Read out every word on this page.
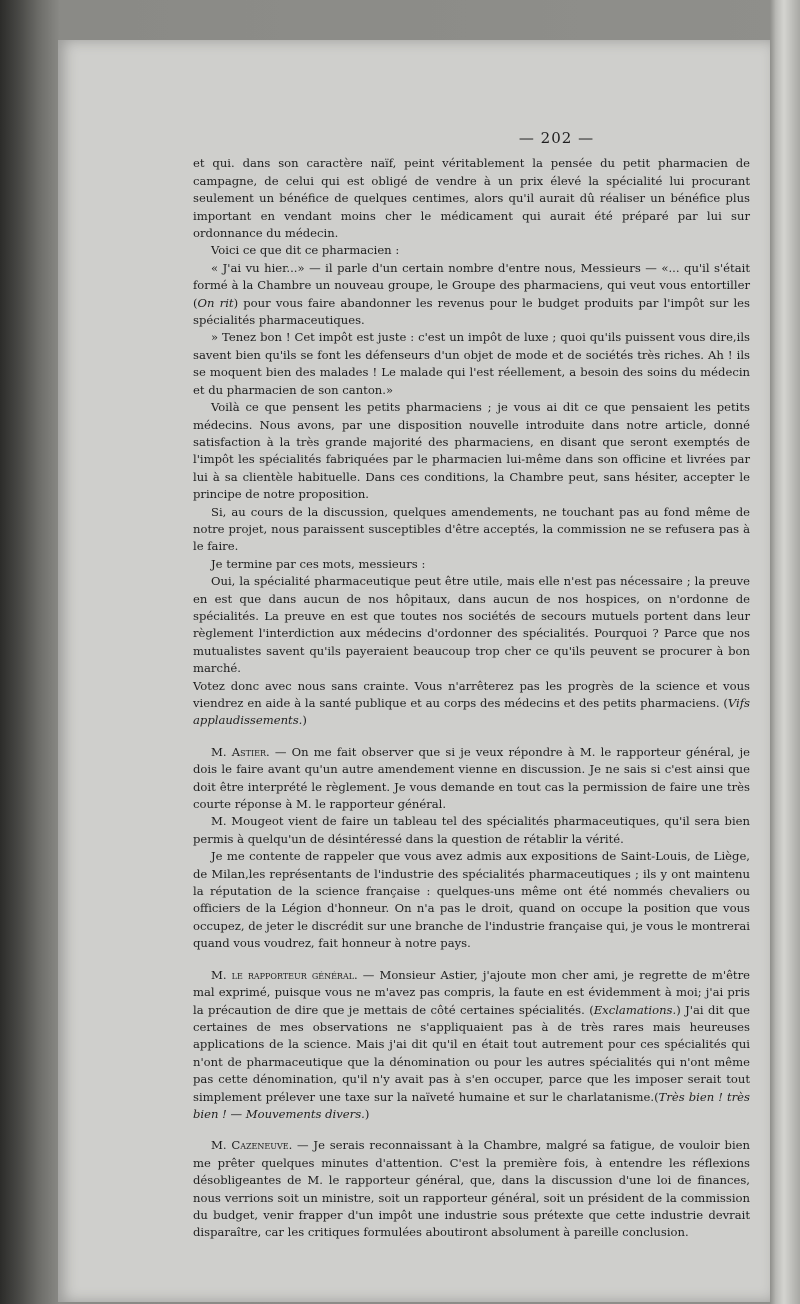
— 202 —

et qui. dans son caractère naïf, peint véritablement la pensée du petit pharmacien de campagne, de celui qui est obligé de vendre à un prix élevé la spécialité lui procurant seulement un bénéfice de quelques centimes, alors qu'il aurait dû réaliser un bénéfice plus important en vendant moins cher le médicament qui aurait été préparé par lui sur ordonnance du médecin.

Voici ce que dit ce pharmacien :

« J'ai vu hier...» — il parle d'un certain nombre d'entre nous, Messieurs — «... qu'il s'était formé à la Chambre un nouveau groupe, le Groupe des pharmaciens, qui veut vous entortiller (On rit) pour vous faire abandonner les revenus pour le budget produits par l'impôt sur les spécialités pharmaceutiques.

» Tenez bon ! Cet impôt est juste : c'est un impôt de luxe ; quoi qu'ils puissent vous dire,ils savent bien qu'ils se font les défenseurs d'un objet de mode et de sociétés très riches. Ah ! ils se moquent bien des malades ! Le malade qui l'est réellement, a besoin des soins du médecin et du pharmacien de son canton.»

Voilà ce que pensent les petits pharmaciens ; je vous ai dit ce que pensaient les petits médecins. Nous avons, par une disposition nouvelle introduite dans notre article, donné satisfaction à la très grande majorité des pharmaciens, en disant que seront exemptés de l'impôt les spécialités fabriquées par le pharmacien lui-même dans son officine et livrées par lui à sa clientèle habituelle. Dans ces conditions, la Chambre peut, sans hésiter, accepter le principe de notre proposition.

Si, au cours de la discussion, quelques amendements, ne touchant pas au fond même de notre projet, nous paraissent susceptibles d'être acceptés, la commission ne se refusera pas à le faire.

Je termine par ces mots, messieurs :

Oui, la spécialité pharmaceutique peut être utile, mais elle n'est pas nécessaire ; la preuve en est que dans aucun de nos hôpitaux, dans aucun de nos hospices, on n'ordonne de spécialités. La preuve en est que toutes nos sociétés de secours mutuels portent dans leur règlement l'interdiction aux médecins d'ordonner des spécialités. Pourquoi ? Parce que nos mutualistes savent qu'ils payeraient beaucoup trop cher ce qu'ils peuvent se procurer à bon marché.

Votez donc avec nous sans crainte. Vous n'arrêterez pas les progrès de la science et vous viendrez en aide à la santé publique et au corps des médecins et des petits pharmaciens. (Vifs applaudissements.)

M. Astier. — On me fait observer que si je veux répondre à M. le rapporteur général, je dois le faire avant qu'un autre amendement vienne en discussion. Je ne sais si c'est ainsi que doit être interprété le règlement. Je vous demande en tout cas la permission de faire une très courte réponse à M. le rapporteur général.

M. Mougeot vient de faire un tableau tel des spécialités pharmaceutiques, qu'il sera bien permis à quelqu'un de désintéressé dans la question de rétablir la vérité.

Je me contente de rappeler que vous avez admis aux expositions de Saint-Louis, de Liège, de Milan,les représentants de l'industrie des spécialités pharmaceutiques ; ils y ont maintenu la réputation de la science française : quelques-uns même ont été nommés chevaliers ou officiers de la Légion d'honneur. On n'a pas le droit, quand on occupe la position que vous occupez, de jeter le discrédit sur une branche de l'industrie française qui, je vous le montrerai quand vous voudrez, fait honneur à notre pays.

M. le rapporteur général. — Monsieur Astier, j'ajoute mon cher ami, je regrette de m'être mal exprimé, puisque vous ne m'avez pas compris, la faute en est évidemment à moi; j'ai pris la précaution de dire que je mettais de côté certaines spécialités. (Exclamations.) J'ai dit que certaines de mes observations ne s'appliquaient pas à de très rares mais heureuses applications de la science. Mais j'ai dit qu'il en était tout autrement pour ces spécialités qui n'ont de pharmaceutique que la dénomination ou pour les autres spécialités qui n'ont même pas cette dénomination, qu'il n'y avait pas à s'en occuper, parce que les imposer serait tout simplement prélever une taxe sur la naïveté humaine et sur le charlatanisme.(Très bien ! très bien ! — Mouvements divers.)

M. Cazeneuve. — Je serais reconnaissant à la Chambre, malgré sa fatigue, de vouloir bien me prêter quelques minutes d'attention. C'est la première fois, à entendre les réflexions désobligeantes de M. le rapporteur général, que, dans la discussion d'une loi de finances, nous verrions soit un ministre, soit un rapporteur général, soit un président de la commission du budget, venir frapper d'un impôt une industrie sous prétexte que cette industrie devrait disparaître, car les critiques formulées aboutiront absolument à pareille conclusion.
